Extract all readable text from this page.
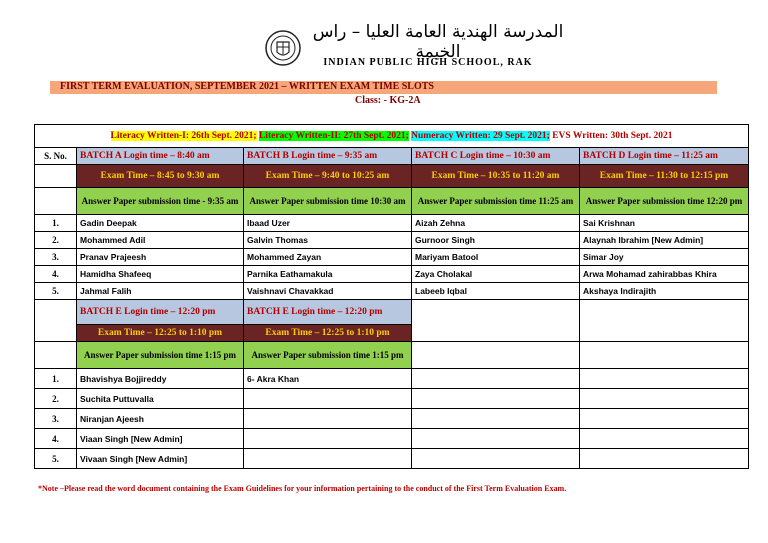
المدرسة الهندية العامة العليا – راس الخيمة
INDIAN PUBLIC HIGH SCHOOL, RAK
FIRST TERM EVALUATION, SEPTEMBER 2021 – WRITTEN EXAM TIME SLOTS
Class: - KG-2A
Literacy Written-I: 26th Sept. 2021; Literacy Written-II: 27th Sept. 2021; Numeracy Written: 29 Sept. 2021; EVS Written: 30th Sept. 2021				
S. No.	BATCH A Login time – 8:40 am	BATCH B Login time – 9:35 am	BATCH C Login time – 10:30 am	BATCH D Login time – 11:25 am
	Exam Time – 8:45 to 9:30 am	Exam Time – 9:40 to 10:25 am	Exam Time – 10:35 to 11:20 am	Exam Time – 11:30 to 12:15 pm
	Answer Paper submission time - 9:35 am	Answer Paper submission time 10:30 am	Answer Paper submission time 11:25 am	Answer Paper submission time 12:20 pm
1.	Gadin Deepak	Ibaad Uzer	Aizah Zehna	Sai Krishnan
2.	Mohammed Adil	Galvin Thomas	Gurnoor Singh	Alaynah Ibrahim [New Admin]
3.	Pranav Prajeesh	Mohammed Zayan	Mariyam Batool	Simar Joy
4.	Hamidha Shafeeq	Parnika Eathamakula	Zaya Cholakal	Arwa Mohamad zahirabbas Khira
5.	Jahmal Falih	Vaishnavi Chavakkad	Labeeb Iqbal	Akshaya Indirajith
	BATCH E Login time – 12:20 pm	BATCH E Login time – 12:20 pm		
	Exam Time – 12:25 to 1:10 pm	Exam Time – 12:25 to 1:10 pm		
	Answer Paper submission time 1:15 pm	Answer Paper submission time 1:15 pm		
1.	Bhavishya Bojjireddy	6- Akra Khan		
2.	Suchita Puttuvalla			
3.	Niranjan Ajeesh			
4.	Viaan Singh [New Admin]			
5.	Vivaan Singh [New Admin]			
*Note –Please read the word document containing the Exam Guidelines for your information pertaining to the conduct of the First Term Evaluation Exam.
